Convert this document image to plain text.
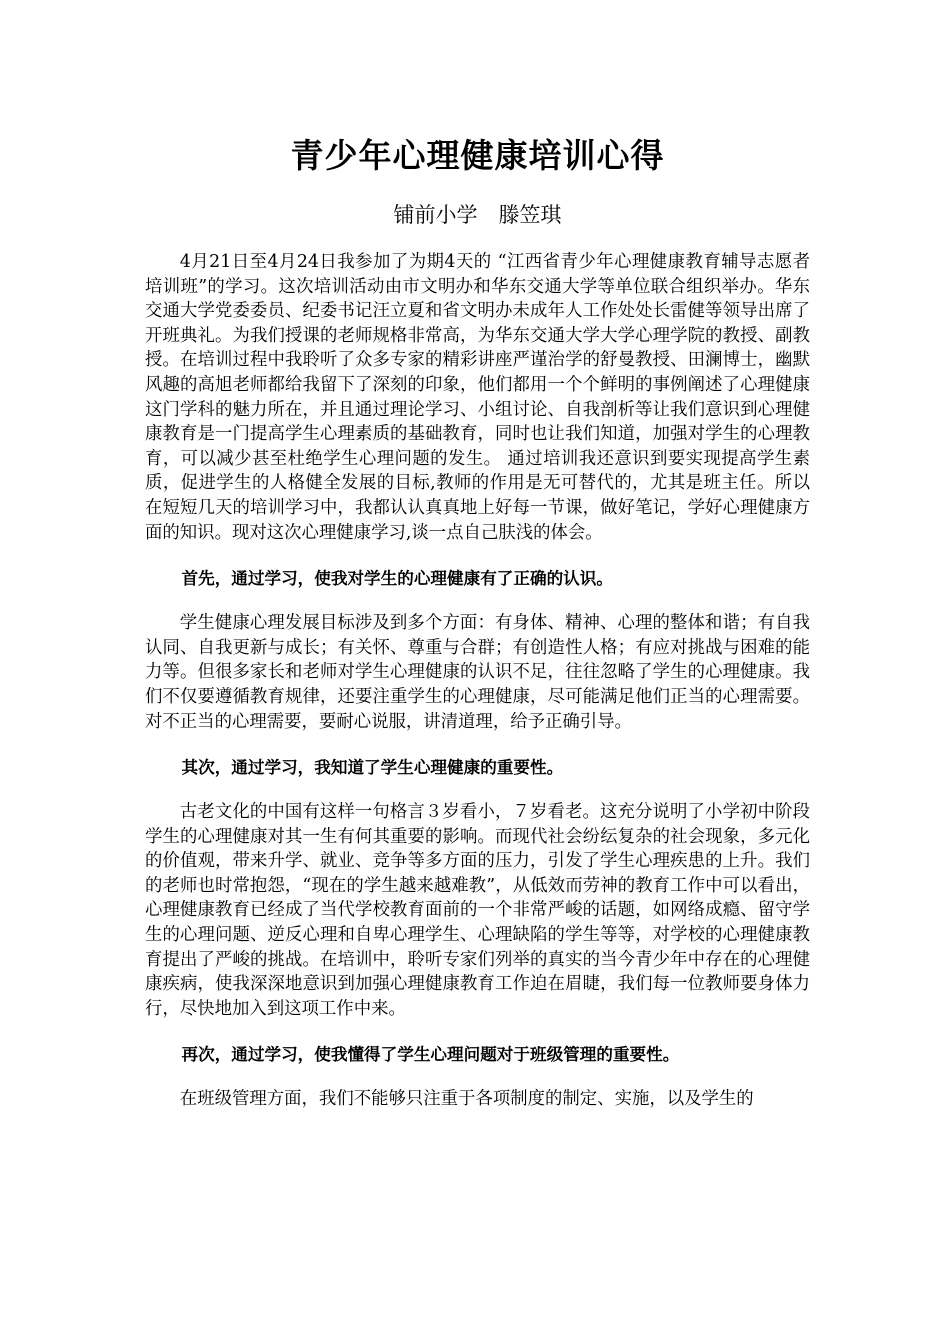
青少年心理健康培训心得
铺前小学　滕笠琪

4月21日至4月24日我参加了为期4天的 “江西省青少年心理健康教育辅导志愿者培训班”的学习。这次培训活动由市文明办和华东交通大学等单位联合组织举办。华东交通大学党委委员、纪委书记汪立夏和省文明办未成年人工作处处长雷健等领导出席了开班典礼。为我们授课的老师规格非常高，为华东交通大学大学心理学院的教授、副教授。在培训过程中我聆听了众多专家的精彩讲座严谨治学的舒曼教授、田澜博士，幽默风趣的高旭老师都给我留下了深刻的印象，他们都用一个个鲜明的事例阐述了心理健康这门学科的魅力所在，并且通过理论学习、小组讨论、自我剖析等让我们意识到心理健康教育是一门提高学生心理素质的基础教育，同时也让我们知道，加强对学生的心理教育，可以减少甚至杜绝学生心理问题的发生。 通过培训我还意识到要实现提高学生素质，促进学生的人格健全发展的目标,教师的作用是无可替代的，尤其是班主任。所以在短短几天的培训学习中，我都认认真真地上好每一节课，做好笔记，学好心理健康方面的知识。现对这次心理健康学习,谈一点自己肤浅的体会。

首先，通过学习，使我对学生的心理健康有了正确的认识。

学生健康心理发展目标涉及到多个方面：有身体、精神、心理的整体和谐；有自我认同、自我更新与成长；有关怀、尊重与合群；有创造性人格；有应对挑战与困难的能力等。但很多家长和老师对学生心理健康的认识不足，往往忽略了学生的心理健康。我们不仅要遵循教育规律，还要注重学生的心理健康，尽可能满足他们正当的心理需要。对不正当的心理需要，要耐心说服，讲清道理，给予正确引导。

其次，通过学习，我知道了学生心理健康的重要性。

古老文化的中国有这样一句格言３岁看小，７岁看老。这充分说明了小学初中阶段学生的心理健康对其一生有何其重要的影响。而现代社会纷纭复杂的社会现象，多元化的价值观，带来升学、就业、竞争等多方面的压力，引发了学生心理疾患的上升。我们的老师也时常抱怨，“现在的学生越来越难教”，从低效而劳神的教育工作中可以看出，心理健康教育已经成了当代学校教育面前的一个非常严峻的话题，如网络成瘾、留守学生的心理问题、逆反心理和自卑心理学生、心理缺陷的学生等等，对学校的心理健康教育提出了严峻的挑战。在培训中，聆听专家们列举的真实的当今青少年中存在的心理健康疾病，使我深深地意识到加强心理健康教育工作迫在眉睫，我们每一位教师要身体力行，尽快地加入到这项工作中来。

再次，通过学习，使我懂得了学生心理问题对于班级管理的重要性。

在班级管理方面，我们不能够只注重于各项制度的制定、实施，以及学生的
